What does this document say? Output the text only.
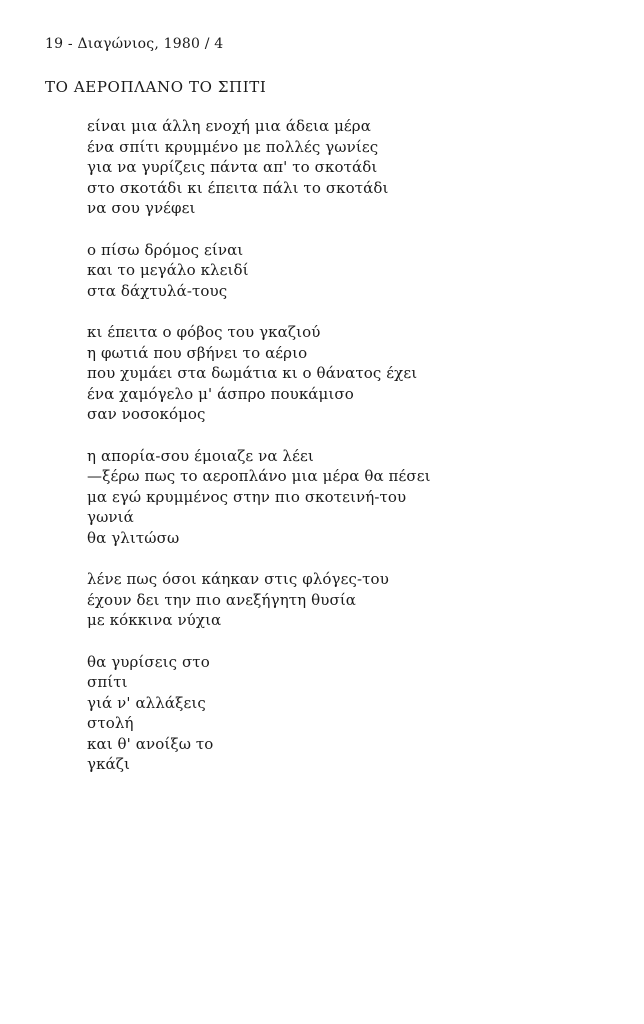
19 - Διαγώνιος, 1980 / 4
ΤΟ ΑΕΡΟΠΛΑΝΟ ΤΟ ΣΠΙΤΙ
είναι μια άλλη ενοχή μια άδεια μέρα
ένα σπίτι κρυμμένο με πολλές γωνίες
για να γυρίζεις πάντα απ' το σκοτάδι
στο σκοτάδι κι έπειτα πάλι το σκοτάδι
να σου γνέφει
ο πίσω δρόμος είναι
και το μεγάλο κλειδί
στα δάχτυλά-τους
κι έπειτα ο φόβος του γκαζιού
η φωτιά που σβήνει το αέριο
που χυμάει στα δωμάτια κι ο θάνατος έχει
ένα χαμόγελο μ' άσπρο πουκάμισο
σαν νοσοκόμος
η απορία-σου έμοιαζε να λέει
—ξέρω πως το αεροπλάνο μια μέρα θα πέσει
μα εγώ κρυμμένος στην πιο σκοτεινή-του
γωνιά
θα γλιτώσω
λένε πως όσοι κάηκαν στις φλόγες-του
έχουν δει την πιο ανεξήγητη θυσία
με κόκκινα νύχια
θα γυρίσεις στο
σπίτι
γιά ν' αλλάξεις
στολή
και θ' ανοίξω το
γκάζι
